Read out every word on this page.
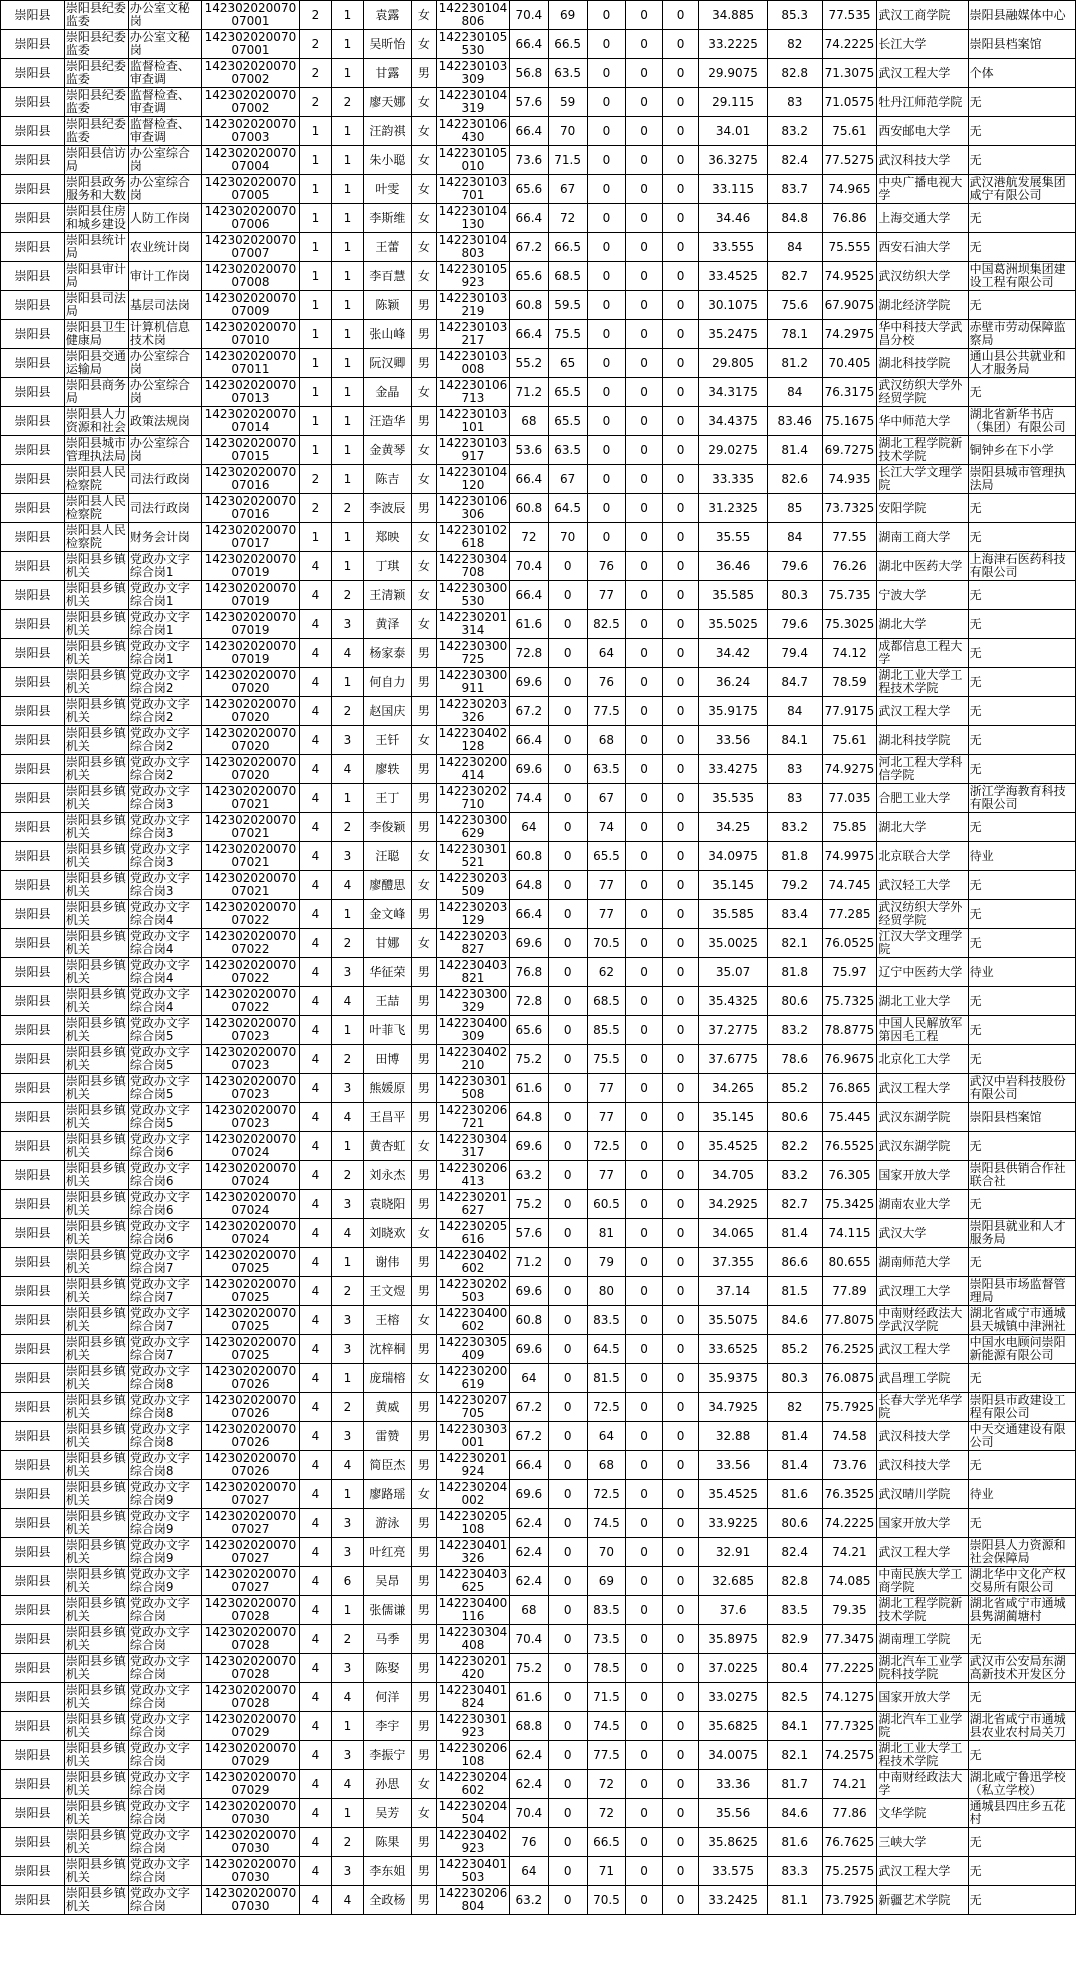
崇阳县	崇阳县纪委监委	办公室文秘岗	14230202007007001	2	1	袁露	女	142230104806	70.4	69	0	0	0	34.885	85.3	77.535	武汉工商学院	崇阳县融媒体中心
崇阳县	崇阳县纪委监委	办公室文秘岗	14230202007007001	2	1	吴昕怡	女	142230105530	66.4	66.5	0	0	0	33.2225	82	74.2225	长江大学	崇阳县档案馆
崇阳县	崇阳县纪委监委	监督检查、审查调	14230202007007002	2	1	甘露	男	142230103309	56.8	63.5	0	0	0	29.9075	82.8	71.3075	武汉工程大学	个体
崇阳县	崇阳县纪委监委	监督检查、审查调	14230202007007002	2	2	廖天娜	女	142230104319	57.6	59	0	0	0	29.115	83	71.0575	牡丹江师范学院	无
崇阳县	崇阳县纪委监委	监督检查、审查调	14230202007007003	1	1	汪韵祺	女	142230106430	66.4	70	0	0	0	34.01	83.2	75.61	西安邮电大学	无
崇阳县	崇阳县信访局	办公室综合岗	14230202007007004	1	1	朱小聪	女	142230105010	73.6	71.5	0	0	0	36.3275	82.4	77.5275	武汉科技大学	无
崇阳县	崇阳县政务服务和大数	办公室综合岗	14230202007007005	1	1	叶雯	女	142230103701	65.6	67	0	0	0	33.115	83.7	74.965	中央广播电视大学	武汉港航发展集团咸宁有限公司
崇阳县	崇阳县住房和城乡建设	人防工作岗	14230202007007006	1	1	李斯维	女	142230104130	66.4	72	0	0	0	34.46	84.8	76.86	上海交通大学	无
崇阳县	崇阳县统计局	农业统计岗	14230202007007007	1	1	王蕾	女	142230104803	67.2	66.5	0	0	0	33.555	84	75.555	西安石油大学	无
崇阳县	崇阳县审计局	审计工作岗	14230202007007008	1	1	李百慧	女	142230105923	65.6	68.5	0	0	0	33.4525	82.7	74.9525	武汉纺织大学	中国葛洲坝集团建设工程有限公司
崇阳县	崇阳县司法局	基层司法岗	14230202007007009	1	1	陈颖	男	142230103219	60.8	59.5	0	0	0	30.1075	75.6	67.9075	湖北经济学院	无
崇阳县	崇阳县卫生健康局	计算机信息技术岗	14230202007007010	1	1	张山峰	男	142230103217	66.4	75.5	0	0	0	35.2475	78.1	74.2975	华中科技大学武昌分校	赤壁市劳动保障监察局
崇阳县	崇阳县交通运输局	办公室综合岗	14230202007007011	1	1	阮汉卿	男	142230103008	55.2	65	0	0	0	29.805	81.2	70.405	湖北科技学院	通山县公共就业和人才服务局
崇阳县	崇阳县商务局	办公室综合岗	14230202007007013	1	1	金晶	女	142230106713	71.2	65.5	0	0	0	34.3175	84	76.3175	武汉纺织大学外经贸学院	无
崇阳县	崇阳县人力资源和社会	政策法规岗	14230202007007014	1	1	汪造华	男	142230103101	68	65.5	0	0	0	34.4375	83.46	75.1675	华中师范大学	湖北省新华书店（集团）有限公司
崇阳县	崇阳县城市管理执法局	办公室综合岗	14230202007007015	1	1	金黄琴	女	142230103917	53.6	63.5	0	0	0	29.0275	81.4	69.7275	湖北工程学院新技术学院	铜钟乡在下小学
崇阳县	崇阳县人民检察院	司法行政岗	14230202007007016	2	1	陈吉	女	142230104120	66.4	67	0	0	0	33.335	82.6	74.935	长江大学文理学院	崇阳县城市管理执法局
崇阳县	崇阳县人民检察院	司法行政岗	14230202007007016	2	2	李波辰	男	142230106306	60.8	64.5	0	0	0	31.2325	85	73.7325	安阳学院	无
崇阳县	崇阳县人民检察院	财务会计岗	14230202007007017	1	1	郑映	女	142230102618	72	70	0	0	0	35.55	84	77.55	湖南工商大学	无
崇阳县	崇阳县乡镇机关	党政办文字综合岗1	14230202007007019	4	1	丁琪	女	142230304708	70.4	0	76	0	0	36.46	79.6	76.26	湖北中医药大学	上海津石医药科技有限公司
崇阳县	崇阳县乡镇机关	党政办文字综合岗1	14230202007007019	4	2	王清颖	女	142230300530	66.4	0	77	0	0	35.585	80.3	75.735	宁波大学	无
崇阳县	崇阳县乡镇机关	党政办文字综合岗1	14230202007007019	4	3	黄泽	女	142230201314	61.6	0	82.5	0	0	35.5025	79.6	75.3025	湖北大学	无
崇阳县	崇阳县乡镇机关	党政办文字综合岗1	14230202007007019	4	4	杨家泰	男	142230300725	72.8	0	64	0	0	34.42	79.4	74.12	成都信息工程大学	无
崇阳县	崇阳县乡镇机关	党政办文字综合岗2	14230202007007020	4	1	何自力	男	142230300911	69.6	0	76	0	0	36.24	84.7	78.59	湖北工业大学工程技术学院	无
崇阳县	崇阳县乡镇机关	党政办文字综合岗2	14230202007007020	4	2	赵国庆	男	142230203326	67.2	0	77.5	0	0	35.9175	84	77.9175	武汉工程大学	无
崇阳县	崇阳县乡镇机关	党政办文字综合岗2	14230202007007020	4	3	王钎	女	142230402128	66.4	0	68	0	0	33.56	84.1	75.61	湖北科技学院	无
崇阳县	崇阳县乡镇机关	党政办文字综合岗2	14230202007007020	4	4	廖轶	男	142230200414	69.6	0	63.5	0	0	33.4275	83	74.9275	河北工程大学科信学院	无
崇阳县	崇阳县乡镇机关	党政办文字综合岗3	14230202007007021	4	1	王丁	男	142230202710	74.4	0	67	0	0	35.535	83	77.035	合肥工业大学	浙江学海教育科技有限公司
崇阳县	崇阳县乡镇机关	党政办文字综合岗3	14230202007007021	4	2	李俊颖	男	142230300629	64	0	74	0	0	34.25	83.2	75.85	湖北大学	无
崇阳县	崇阳县乡镇机关	党政办文字综合岗3	14230202007007021	4	3	汪聪	女	142230301521	60.8	0	65.5	0	0	34.0975	81.8	74.9975	北京联合大学	待业
崇阳县	崇阳县乡镇机关	党政办文字综合岗3	14230202007007021	4	4	廖醴思	女	142230203509	64.8	0	77	0	0	35.145	79.2	74.745	武汉轻工大学	无
崇阳县	崇阳县乡镇机关	党政办文字综合岗4	14230202007007022	4	1	金文峰	男	142230203129	66.4	0	77	0	0	35.585	83.4	77.285	武汉纺织大学外经贸学院	无
崇阳县	崇阳县乡镇机关	党政办文字综合岗4	14230202007007022	4	2	甘娜	女	142230203827	69.6	0	70.5	0	0	35.0025	82.1	76.0525	江汉大学文理学院	无
崇阳县	崇阳县乡镇机关	党政办文字综合岗4	14230202007007022	4	3	华征荣	男	142230403821	76.8	0	62	0	0	35.07	81.8	75.97	辽宁中医药大学	待业
崇阳县	崇阳县乡镇机关	党政办文字综合岗4	14230202007007022	4	4	王喆	男	142230300329	72.8	0	68.5	0	0	35.4325	80.6	75.7325	湖北工业大学	无
崇阳县	崇阳县乡镇机关	党政办文字综合岗5	14230202007007023	4	1	叶菲飞	男	142230400309	65.6	0	85.5	0	0	37.2775	83.2	78.8775	中国人民解放军第因毛工程	无
崇阳县	崇阳县乡镇机关	党政办文字综合岗5	14230202007007023	4	2	田博	男	142230402210	75.2	0	75.5	0	0	37.6775	78.6	76.9675	北京化工大学	无
崇阳县	崇阳县乡镇机关	党政办文字综合岗5	14230202007007023	4	3	熊媛原	男	142230301508	61.6	0	77	0	0	34.265	85.2	76.865	武汉工程大学	武汉中岩科技股份有限公司
崇阳县	崇阳县乡镇机关	党政办文字综合岗5	14230202007007023	4	4	王昌平	男	142230206721	64.8	0	77	0	0	35.145	80.6	75.445	武汉东湖学院	崇阳县档案馆
崇阳县	崇阳县乡镇机关	党政办文字综合岗6	14230202007007024	4	1	黄杏虹	女	142230304317	69.6	0	72.5	0	0	35.4525	82.2	76.5525	武汉东湖学院	无
崇阳县	崇阳县乡镇机关	党政办文字综合岗6	14230202007007024	4	2	刘永杰	男	142230206413	63.2	0	77	0	0	34.705	83.2	76.305	国家开放大学	崇阳县供销合作社联合社
崇阳县	崇阳县乡镇机关	党政办文字综合岗6	14230202007007024	4	3	袁晓阳	男	142230201627	75.2	0	60.5	0	0	34.2925	82.7	75.3425	湖南农业大学	无
崇阳县	崇阳县乡镇机关	党政办文字综合岗6	14230202007007024	4	4	刘晓欢	女	142230205616	57.6	0	81	0	0	34.065	81.4	74.115	武汉大学	崇阳县就业和人才服务局
崇阳县	崇阳县乡镇机关	党政办文字综合岗7	14230202007007025	4	1	谢伟	男	142230402602	71.2	0	79	0	0	37.355	86.6	80.655	湖南师范大学	无
崇阳县	崇阳县乡镇机关	党政办文字综合岗7	14230202007007025	4	2	王文煜	男	142230202503	69.6	0	80	0	0	37.14	81.5	77.89	武汉理工大学	崇阳县市场监督管理局
崇阳县	崇阳县乡镇机关	党政办文字综合岗7	14230202007007025	4	3	王榕	女	142230400602	60.8	0	83.5	0	0	35.5075	84.6	77.8075	中南财经政法大学武汉学院	湖北省咸宁市通城县天城镇中津洲社
崇阳县	崇阳县乡镇机关	党政办文字综合岗7	14230202007007025	4	3	沈梓桐	男	142230305409	69.6	0	64.5	0	0	33.6525	85.2	76.2525	武汉工程大学	中国水电顾问崇阳新能源有限公司
崇阳县	崇阳县乡镇机关	党政办文字综合岗8	14230202007007026	4	1	庞瑞榕	女	142230200619	64	0	81.5	0	0	35.9375	80.3	76.0875	武昌理工学院	无
崇阳县	崇阳县乡镇机关	党政办文字综合岗8	14230202007007026	4	2	黄威	男	142230207705	67.2	0	72.5	0	0	34.7925	82	75.7925	长春大学光华学院	崇阳县市政建设工程有限公司
崇阳县	崇阳县乡镇机关	党政办文字综合岗8	14230202007007026	4	3	雷赞	男	142230303001	67.2	0	64	0	0	32.88	81.4	74.58	武汉科技大学	中天交通建设有限公司
崇阳县	崇阳县乡镇机关	党政办文字综合岗8	14230202007007026	4	4	简臣杰	男	142230201924	66.4	0	68	0	0	33.56	81.4	73.76	武汉科技大学	无
崇阳县	崇阳县乡镇机关	党政办文字综合岗9	14230202007007027	4	1	廖路瑶	女	142230204002	69.6	0	72.5	0	0	35.4525	81.6	76.3525	武汉晴川学院	待业
崇阳县	崇阳县乡镇机关	党政办文字综合岗9	14230202007007027	4	3	游泳	男	142230205108	62.4	0	74.5	0	0	33.9225	80.6	74.2225	国家开放大学	无
崇阳县	崇阳县乡镇机关	党政办文字综合岗9	14230202007007027	4	3	叶红亮	男	142230401326	62.4	0	70	0	0	32.91	82.4	74.21	武汉工程大学	崇阳县人力资源和社会保障局
崇阳县	崇阳县乡镇机关	党政办文字综合岗9	14230202007007027	4	6	吴昂	男	142230403625	62.4	0	69	0	0	32.685	82.8	74.085	中南民族大学工商学院	湖北华中文化产权交易所有限公司
崇阳县	崇阳县乡镇机关	党政办文字综合岗	14230202007007028	4	1	张儒谦	男	142230400116	68	0	83.5	0	0	37.6	83.5	79.35	湖北工程学院新技术学院	湖北省咸宁市通城县隽湖蔺塘村
崇阳县	崇阳县乡镇机关	党政办文字综合岗	14230202007007028	4	2	马季	男	142230304408	70.4	0	73.5	0	0	35.8975	82.9	77.3475	湖南理工学院	无
崇阳县	崇阳县乡镇机关	党政办文字综合岗	14230202007007028	4	3	陈娶	男	142230201420	75.2	0	78.5	0	0	37.0225	80.4	77.2225	湖北汽车工业学院科技学院	武汉市公安局东湖高新技术开发区分
崇阳县	崇阳县乡镇机关	党政办文字综合岗	14230202007007028	4	4	何洋	男	142230401824	61.6	0	71.5	0	0	33.0275	82.5	74.1275	国家开放大学	无
崇阳县	崇阳县乡镇机关	党政办文字综合岗	14230202007007029	4	1	李宇	男	142230301923	68.8	0	74.5	0	0	35.6825	84.1	77.7325	湖北汽车工业学院	湖北省咸宁市通城县农业农村局关刀
崇阳县	崇阳县乡镇机关	党政办文字综合岗	14230202007007029	4	3	李振宁	男	142230206108	62.4	0	77.5	0	0	34.0075	82.1	74.2575	湖北工业大学工程技术学院	无
崇阳县	崇阳县乡镇机关	党政办文字综合岗	14230202007007029	4	4	孙思	女	142230204602	62.4	0	72	0	0	33.36	81.7	74.21	中南财经政法大学	湖北咸宁鲁迅学校（私立学校）
崇阳县	崇阳县乡镇机关	党政办文字综合岗	14230202007007030	4	1	吴芳	女	142230204504	70.4	0	72	0	0	35.56	84.6	77.86	文华学院	通城县四庄乡五花村
崇阳县	崇阳县乡镇机关	党政办文字综合岗	14230202007007030	4	2	陈果	男	142230402923	76	0	66.5	0	0	35.8625	81.6	76.7625	三峡大学	无
崇阳县	崇阳县乡镇机关	党政办文字综合岗	14230202007007030	4	3	李东姐	男	142230401503	64	0	71	0	0	33.575	83.3	75.2575	武汉工程大学	无
崇阳县	崇阳县乡镇机关	党政办文字综合岗	14230202007007030	4	4	全政杨	男	142230206804	63.2	0	70.5	0	0	33.2425	81.1	73.7925	新疆艺术学院	无
